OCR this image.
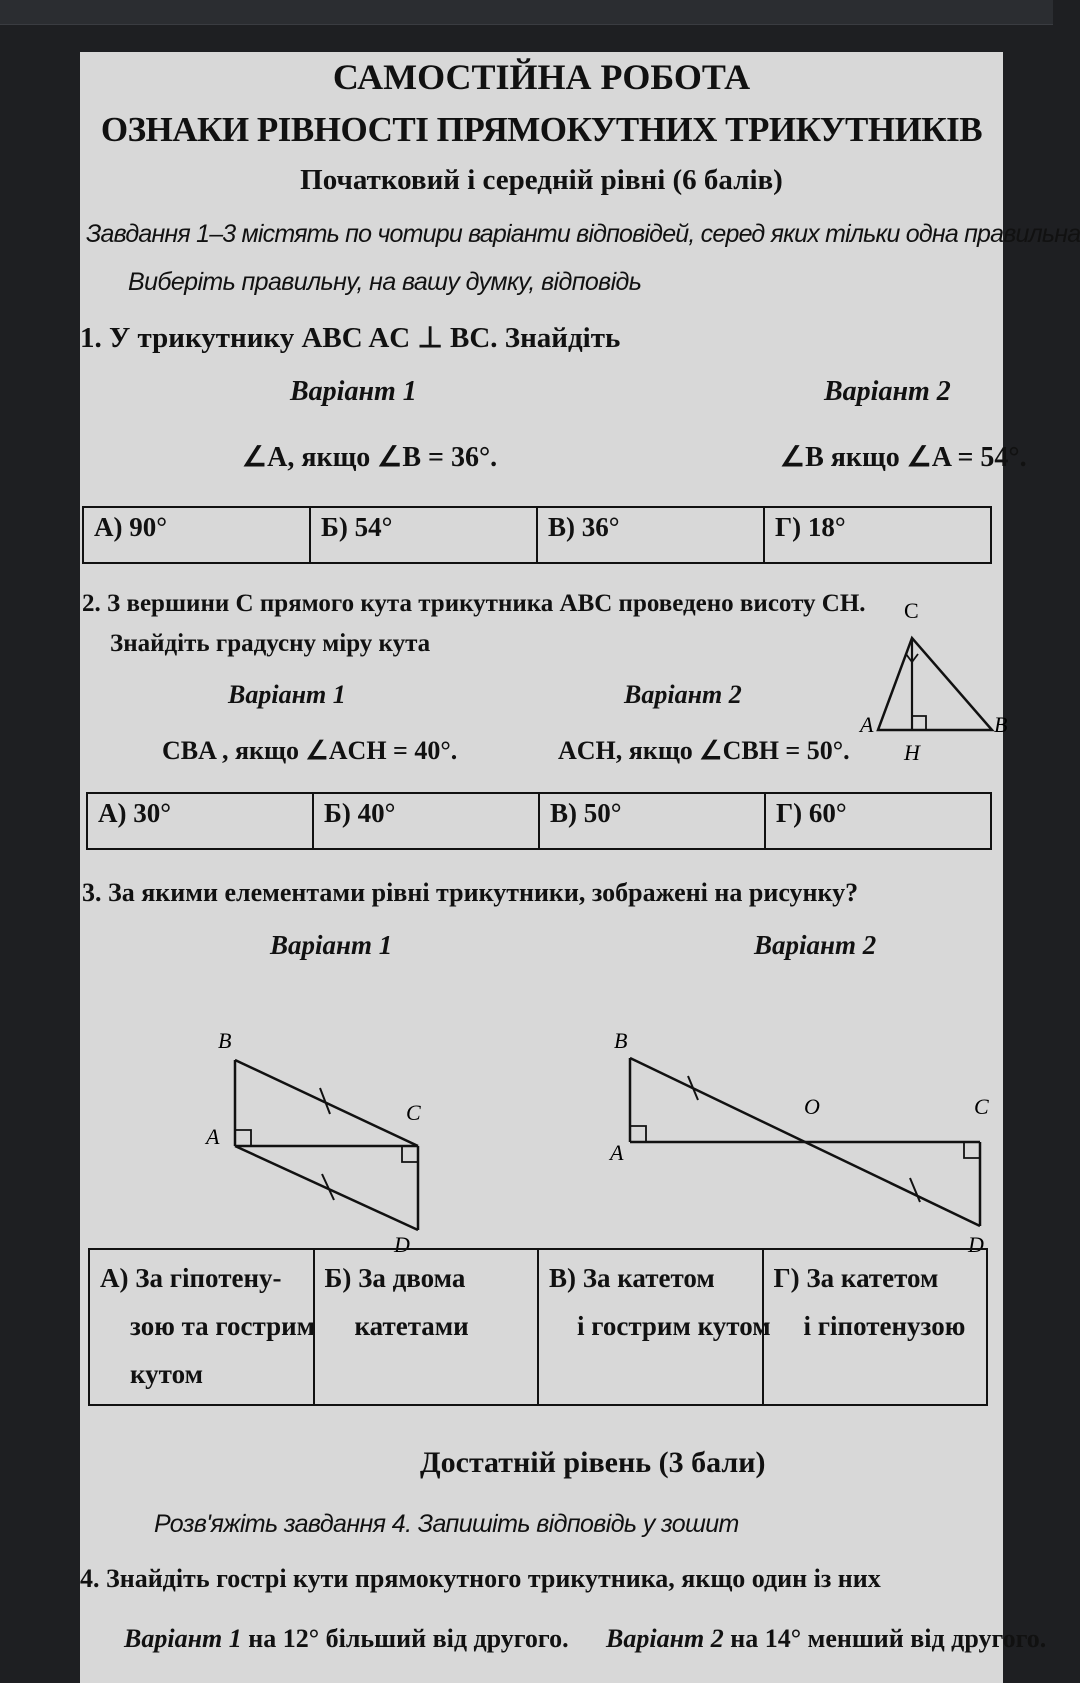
САМОСТІЙНА РОБОТА
ОЗНАКИ РІВНОСТІ ПРЯМОКУТНИХ ТРИКУТНИКІВ
Початковий і середній рівні (6 балів)
Завдання 1–3 містять по чотири варіанти відповідей, серед яких тільки одна правильна
Виберіть правильну, на вашу думку, відповідь
1. У трикутнику ABC AC ⊥ BC. Знайдіть
Варіант 1	Варіант 2
∠A, якщо ∠B = 36°.	∠B якщо ∠A = 54°.
А) 90°	Б) 54°	В) 36°	Г) 18°
2. З вершини C прямого кута трикутника ABC проведено висоту CH.
Знайдіть градусну міру кута
Варіант 1	Варіант 2
CBA , якщо ∠ACH = 40°.	ACH, якщо ∠CBH = 50°.
C
A	B
H
А) 30°	Б) 40°	В) 50°	Г) 60°
3. За якими елементами рівні трикутники, зображені на рисунку?
Варіант 1	Варіант 2
B
A
C
D
B
A
O	C
D
А) За гіпотену-
зою та гострим
кутом

Б) За двома
катетами

В) За катетом
і гострим кутом

Г) За катетом
і гіпотенузою
Достатній рівень (3 бали)
Розв'яжіть завдання 4. Запишіть відповідь у зошит
4. Знайдіть гострі кути прямокутного трикутника, якщо один із них
Варіант 1 на 12° більший від другого. Варіант 2 на 14° менший від другого.
